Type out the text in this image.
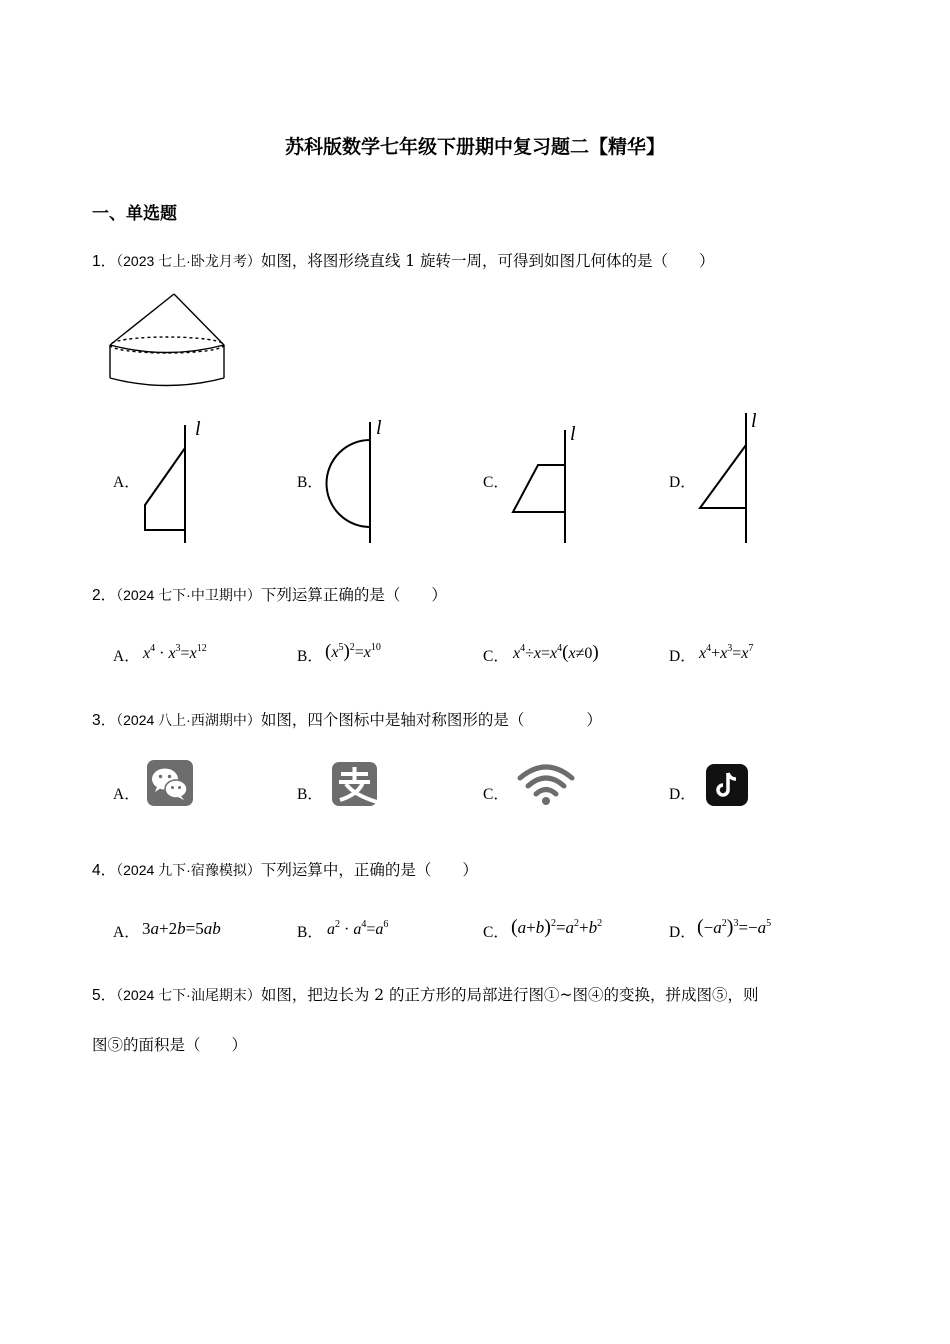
苏科版数学七年级下册期中复习题二【精华】
一、单选题
1．（2023 七上·卧龙月考）如图，将图形绕直线 1 旋转一周，可得到如图几何体的是（　　）
A．
l
B．
l
C．
l
D．
l
2．（2024 七下·中卫期中）下列运算正确的是（　　）
A． $x^4 \cdot x^3=x^{12}$	B． $(x^5)^2=x^{10}$
C． $x^4\div x=x^4(x\ne 0)$	D． $x^4+x^3=x^7$
3．（2024 八上·西湖期中）如图，四个图标中是轴对称图形的是（　　　　）
A．	B．	C．	D．
4．（2024 九下·宿豫模拟）下列运算中，正确的是（　　）
A． 3a+2b=5ab	B． $a^2 \cdot a^4=a^6$	C． $(a+b)^2=a^2+b^2$
D． $(-a^2)^3=-a^5$
5．（2024 七下·汕尾期末）如图，把边长为 2 的正方形的局部进行图①~图④的变换，拼成图⑤，则
图⑤的面积是（　　）
